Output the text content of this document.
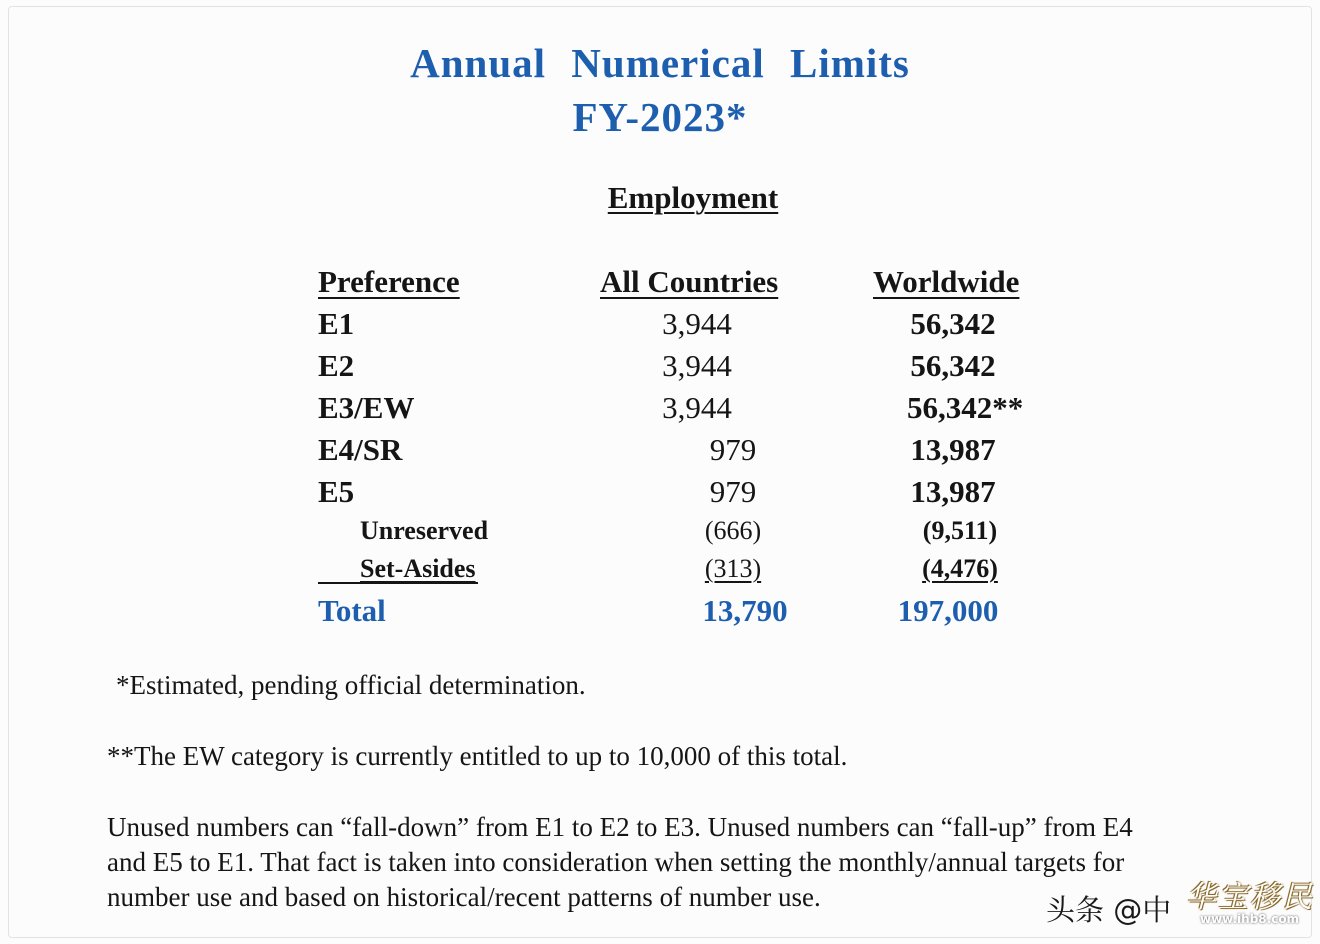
Annual Numerical Limits
FY-2023*
Employment
Preference	All Countries	Worldwide
E1	3,944	56,342
E2	3,944	56,342
E3/EW	3,944	56,342**
E4/SR	979	13,987
E5	979	13,987
Unreserved	(666)	(9,511)
Set-Asides	(313)	(4,476)
Total	13,790	197,000
*Estimated, pending official determination.
**The EW category is currently entitled to up to 10,000 of this total.
Unused numbers can “fall-down” from E1 to E2 to E3. Unused numbers can “fall-up” from E4
and E5 to E1. That fact is taken into consideration when setting the monthly/annual targets for
number use and based on historical/recent patterns of number use.	头条 @中 华宝移民
www.ihb8.com
